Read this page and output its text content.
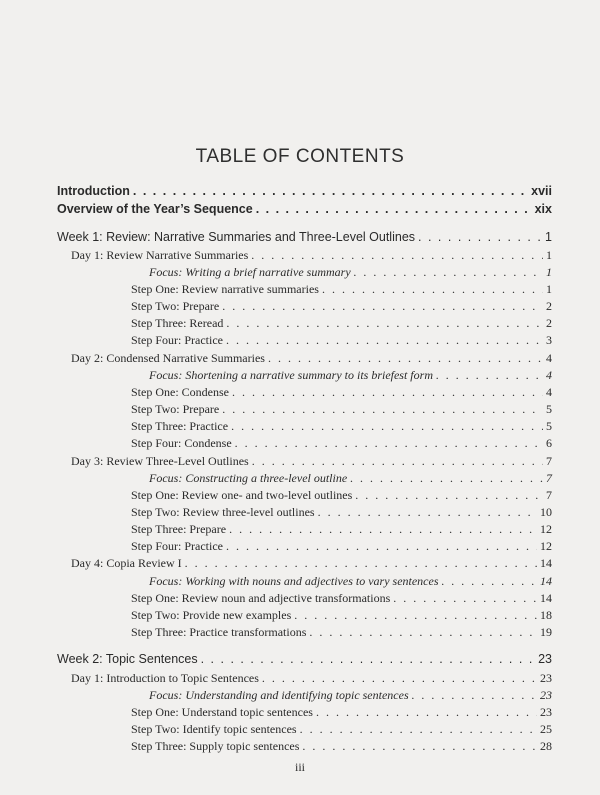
TABLE OF CONTENTS
Introduction . . .	xvii
Overview of the Year’s Sequence . . .	xix
Week 1: Review: Narrative Summaries and Three-Level Outlines . . .	1
Day 1: Review Narrative Summaries . . .	1
Focus: Writing a brief narrative summary . . .	1
Step One: Review narrative summaries . . .	1
Step Two: Prepare . . .	2
Step Three: Reread . . .	2
Step Four: Practice . . .	3
Day 2: Condensed Narrative Summaries . . .	4
Focus: Shortening a narrative summary to its briefest form . . .	4
Step One: Condense . . .	4
Step Two: Prepare . . .	5
Step Three: Practice . . .	5
Step Four: Condense . . .	6
Day 3: Review Three-Level Outlines . . .	7
Focus: Constructing a three-level outline . . .	7
Step One: Review one- and two-level outlines . . .	7
Step Two: Review three-level outlines . . .	10
Step Three: Prepare . . .	12
Step Four: Practice . . .	12
Day 4: Copia Review I . . .	14
Focus: Working with nouns and adjectives to vary sentences . . .	14
Step One: Review noun and adjective transformations . . .	14
Step Two: Provide new examples . . .	18
Step Three: Practice transformations . . .	19
Week 2: Topic Sentences . . .	23
Day 1: Introduction to Topic Sentences . . .	23
Focus: Understanding and identifying topic sentences . . .	23
Step One: Understand topic sentences . . .	23
Step Two: Identify topic sentences . . .	25
Step Three: Supply topic sentences . . .	28
iii
